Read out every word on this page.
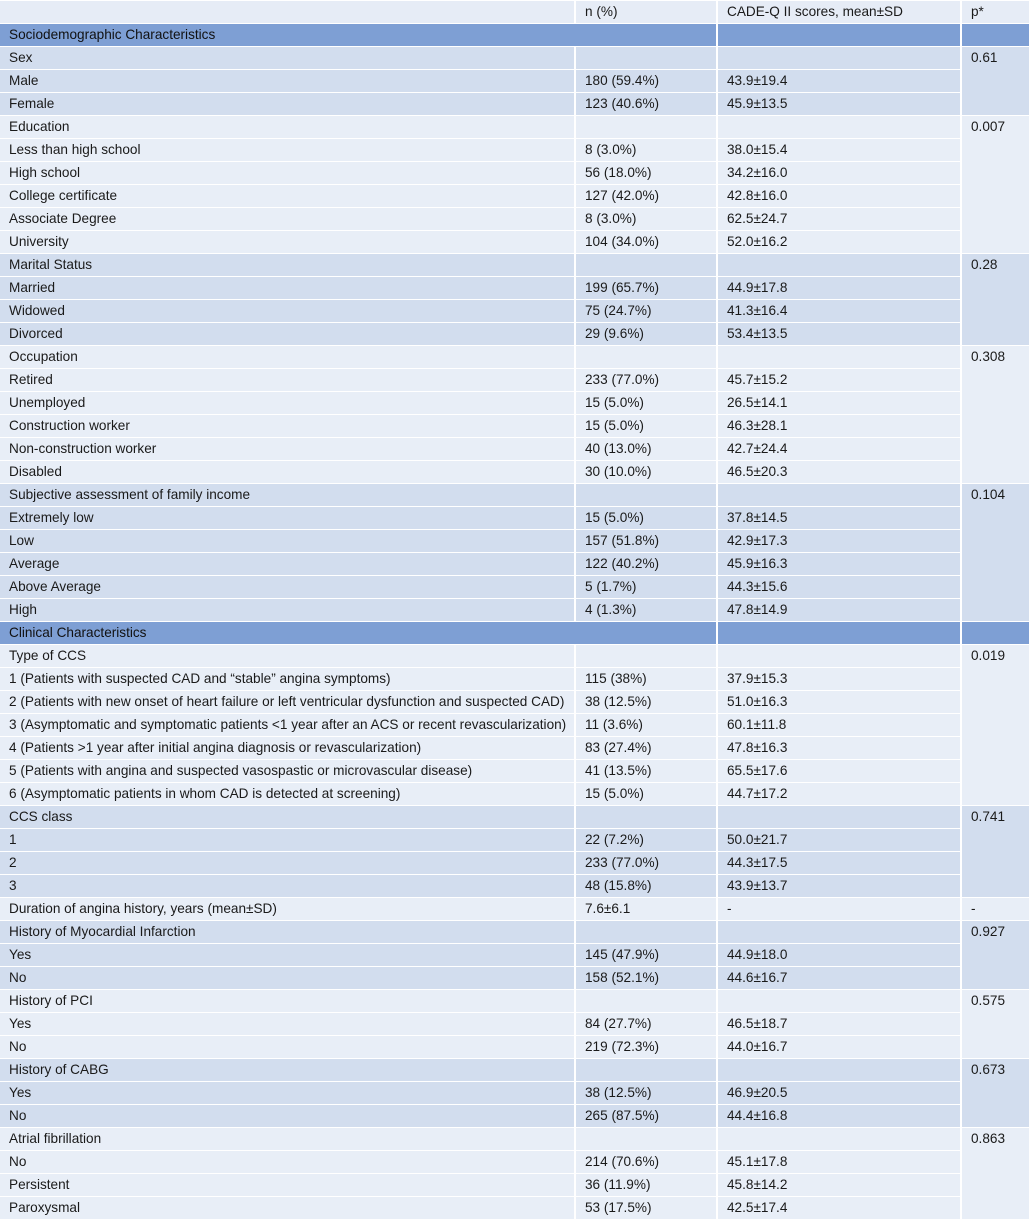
	n (%)	CADE-Q II scores, mean±SD	p*
Sociodemographic Characteristics			
Sex			0.61
Male	180 (59.4%)	43.9±19.4	
Female	123 (40.6%)	45.9±13.5	
Education			0.007
Less than high school	8 (3.0%)	38.0±15.4	
High school	56 (18.0%)	34.2±16.0	
College certificate	127 (42.0%)	42.8±16.0	
Associate Degree	8 (3.0%)	62.5±24.7	
University	104 (34.0%)	52.0±16.2	
Marital Status			0.28
Married	199 (65.7%)	44.9±17.8	
Widowed	75 (24.7%)	41.3±16.4	
Divorced	29 (9.6%)	53.4±13.5	
Occupation			0.308
Retired	233 (77.0%)	45.7±15.2	
Unemployed	15 (5.0%)	26.5±14.1	
Construction worker	15 (5.0%)	46.3±28.1	
Non-construction worker	40 (13.0%)	42.7±24.4	
Disabled	30 (10.0%)	46.5±20.3	
Subjective assessment of family income			0.104
Extremely low	15 (5.0%)	37.8±14.5	
Low	157 (51.8%)	42.9±17.3	
Average	122 (40.2%)	45.9±16.3	
Above Average	5 (1.7%)	44.3±15.6	
High	4 (1.3%)	47.8±14.9	
Clinical Characteristics			
Type of CCS			0.019
1 (Patients with suspected CAD and “stable” angina symptoms)	115 (38%)	37.9±15.3	
2 (Patients with new onset of heart failure or left ventricular dysfunction and suspected CAD)	38 (12.5%)	51.0±16.3	
3 (Asymptomatic and symptomatic patients <1 year after an ACS or recent revascularization)	11 (3.6%)	60.1±11.8	
4 (Patients >1 year after initial angina diagnosis or revascularization)	83 (27.4%)	47.8±16.3	
5 (Patients with angina and suspected vasospastic or microvascular disease)	41 (13.5%)	65.5±17.6	
6 (Asymptomatic patients in whom CAD is detected at screening)	15 (5.0%)	44.7±17.2	
CCS class			0.741
1	22 (7.2%)	50.0±21.7	
2	233 (77.0%)	44.3±17.5	
3	48 (15.8%)	43.9±13.7	
Duration of angina history, years (mean±SD)	7.6±6.1	-	-
History of Myocardial Infarction			0.927
Yes	145 (47.9%)	44.9±18.0	
No	158 (52.1%)	44.6±16.7	
History of PCI			0.575
Yes	84 (27.7%)	46.5±18.7	
No	219 (72.3%)	44.0±16.7	
History of CABG			0.673
Yes	38 (12.5%)	46.9±20.5	
No	265 (87.5%)	44.4±16.8	
Atrial fibrillation			0.863
No	214 (70.6%)	45.1±17.8	
Persistent	36 (11.9%)	45.8±14.2	
Paroxysmal	53 (17.5%)	42.5±17.4	
